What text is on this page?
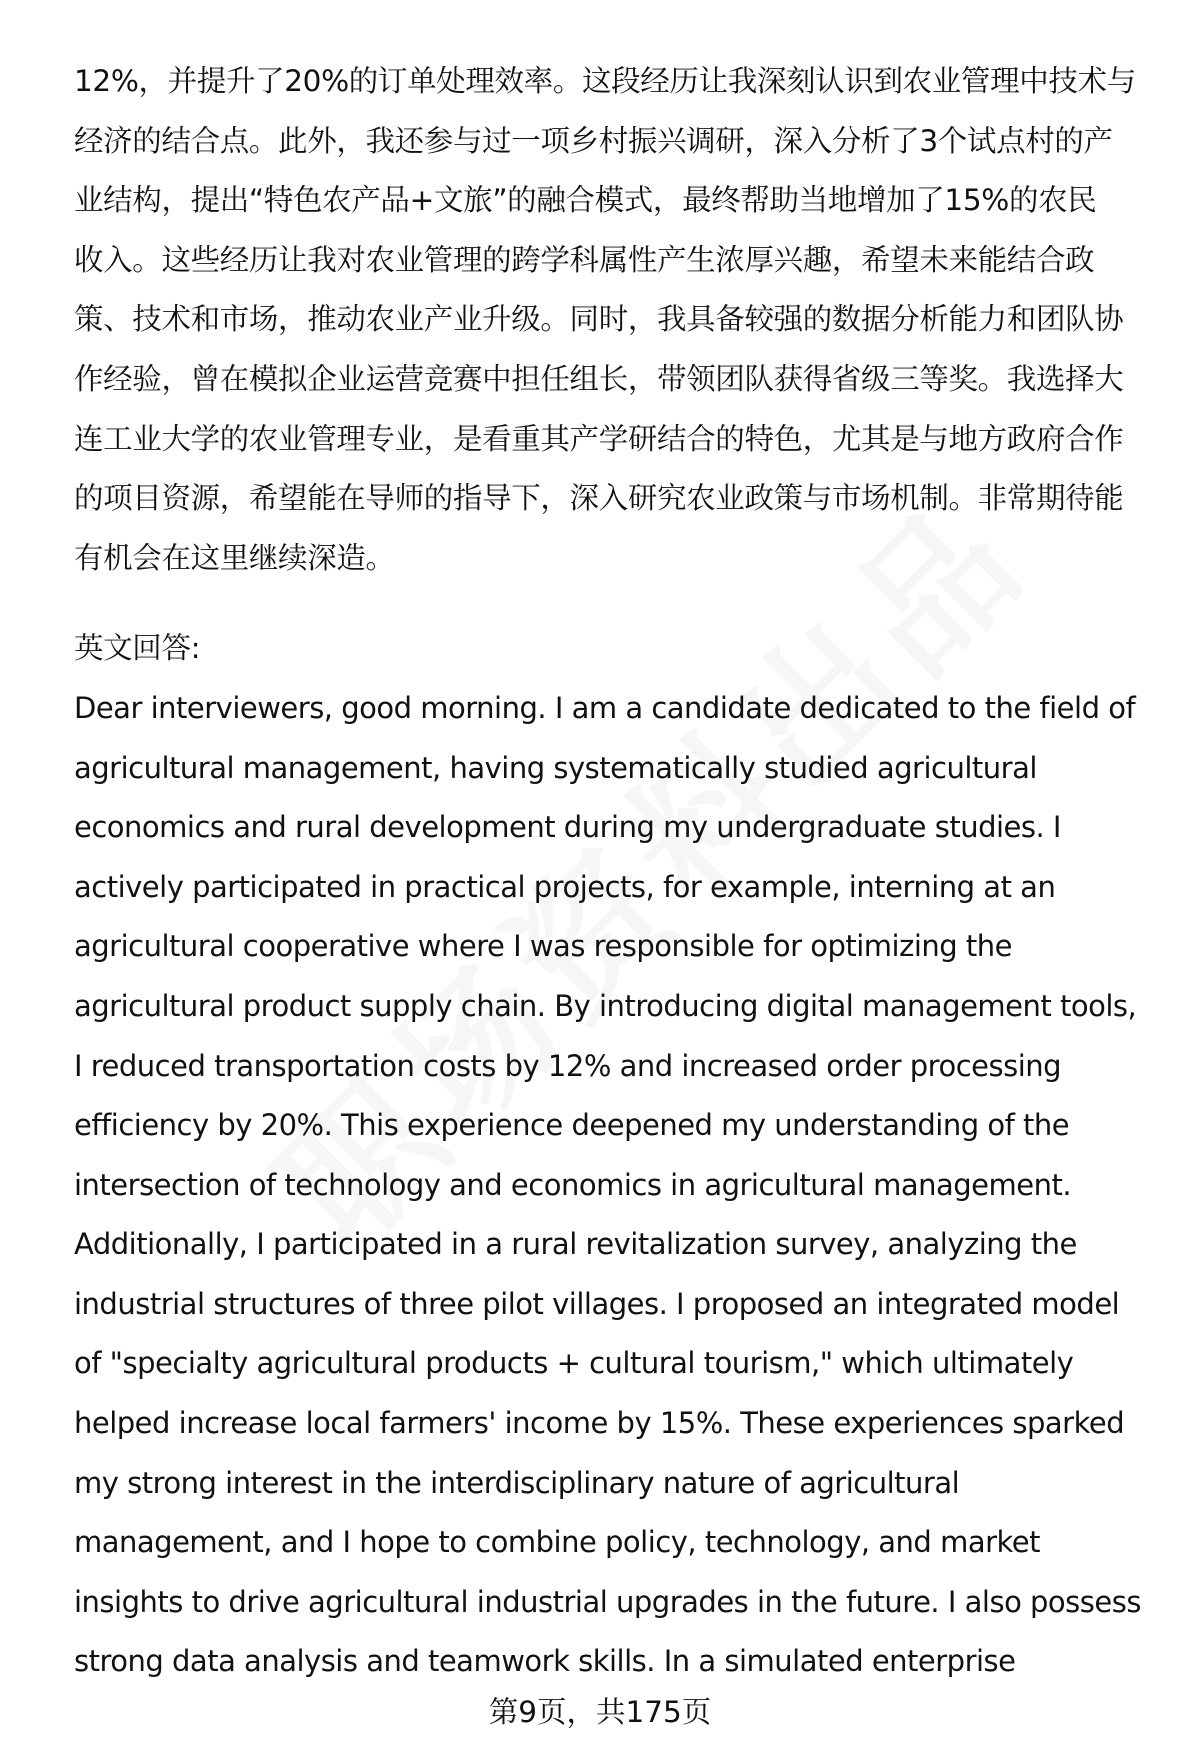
12%，并提升了20%的订单处理效率。这段经历让我深刻认识到农业管理中技术与
经济的结合点。此外，我还参与过一项乡村振兴调研，深入分析了3个试点村的产
业结构，提出“特色农产品+文旅”的融合模式，最终帮助当地增加了15%的农民
收入。这些经历让我对农业管理的跨学科属性产生浓厚兴趣，希望未来能结合政
策、技术和市场，推动农业产业升级。同时，我具备较强的数据分析能力和团队协
作经验，曾在模拟企业运营竞赛中担任组长，带领团队获得省级三等奖。我选择大
连工业大学的农业管理专业，是看重其产学研结合的特色，尤其是与地方政府合作
的项目资源，希望能在导师的指导下，深入研究农业政策与市场机制。非常期待能
有机会在这里继续深造。
英文回答:
Dear interviewers, good morning. I am a candidate dedicated to the field of
agricultural management, having systematically studied agricultural
economics and rural development during my undergraduate studies. I
actively participated in practical projects, for example, interning at an
agricultural cooperative where I was responsible for optimizing the
agricultural product supply chain. By introducing digital management tools,
I reduced transportation costs by 12% and increased order processing
efficiency by 20%. This experience deepened my understanding of the
intersection of technology and economics in agricultural management.
Additionally, I participated in a rural revitalization survey, analyzing the
industrial structures of three pilot villages. I proposed an integrated model
of "specialty agricultural products + cultural tourism," which ultimately
helped increase local farmers' income by 15%. These experiences sparked
my strong interest in the interdisciplinary nature of agricultural
management, and I hope to combine policy, technology, and market
insights to drive agricultural industrial upgrades in the future. I also possess
strong data analysis and teamwork skills. In a simulated enterprise
第9页，共175页
